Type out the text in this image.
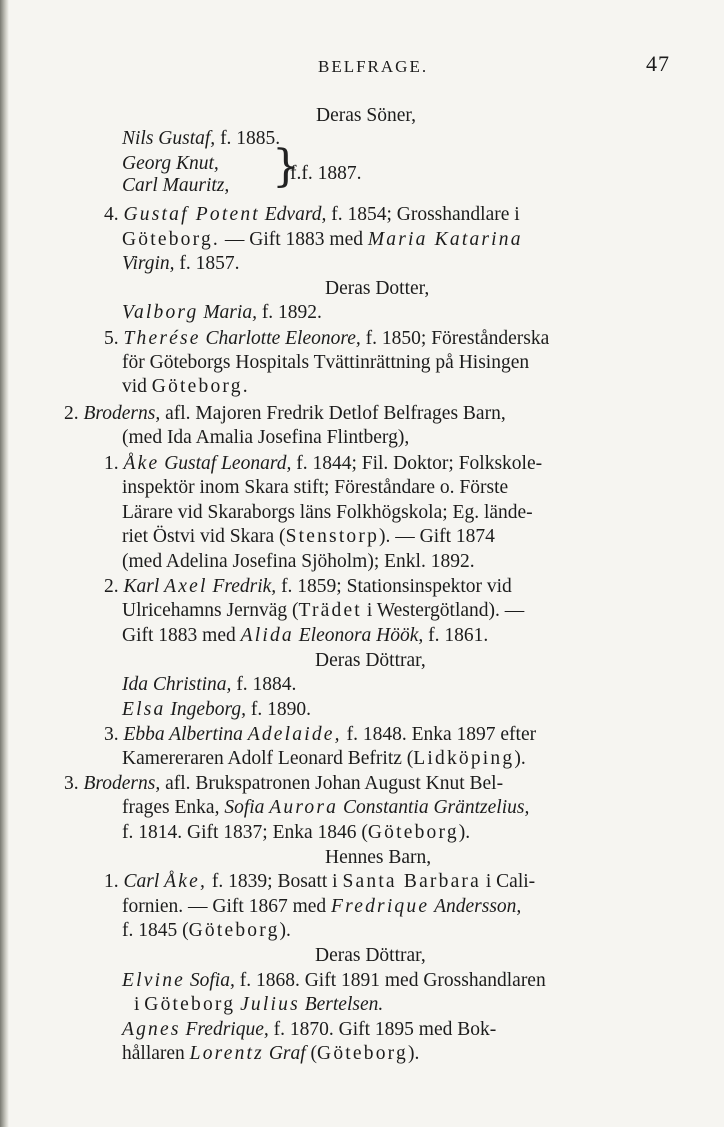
BELFRAGE.	47
Deras Söner,
Nils Gustaf, f. 1885.
Georg Knut, }
f.f. 1887.
Carl Mauritz,
4. Gustaf Potent Edvard, f. 1854; Grosshandlare i
Göteborg. — Gift 1883 med Maria Katarina
Virgin, f. 1857.
Deras Dotter,
Valborg Maria, f. 1892.
5. Therése Charlotte Eleonore, f. 1850; Förestånderska
för Göteborgs Hospitals Tvättinrättning på Hisingen
vid Göteborg.
2. Broderns, afl. Majoren Fredrik Detlof Belfrages Barn,
(med Ida Amalia Josefina Flintberg),
1. Åke Gustaf Leonard, f. 1844; Fil. Doktor; Folkskole-
inspektör inom Skara stift; Föreståndare o. Förste
Lärare vid Skaraborgs läns Folkhögskola; Eg. lände-
riet Östvi vid Skara (Stenstorp). — Gift 1874
(med Adelina Josefina Sjöholm); Enkl. 1892.
2. Karl Axel Fredrik, f. 1859; Stationsinspektor vid
Ulricehamns Jernväg (Trädet i Westergötland). —
Gift 1883 med Alida Eleonora Höök, f. 1861.
Deras Döttrar,
Ida Christina, f. 1884.
Elsa Ingeborg, f. 1890.
3. Ebba Albertina Adelaide, f. 1848. Enka 1897 efter
Kamereraren Adolf Leonard Befritz (Lidköping).
3. Broderns, afl. Brukspatronen Johan August Knut Bel-
frages Enka, Sofia Aurora Constantia Gräntzelius,
f. 1814. Gift 1837; Enka 1846 (Göteborg).
Hennes Barn,
1. Carl Åke, f. 1839; Bosatt i Santa Barbara i Cali-
fornien. — Gift 1867 med Fredrique Andersson,
f. 1845 (Göteborg).
Deras Döttrar,
Elvine Sofia, f. 1868. Gift 1891 med Grosshandlaren
i Göteborg Julius Bertelsen.
Agnes Fredrique, f. 1870. Gift 1895 med Bok-
hållaren Lorentz Graf (Göteborg).
